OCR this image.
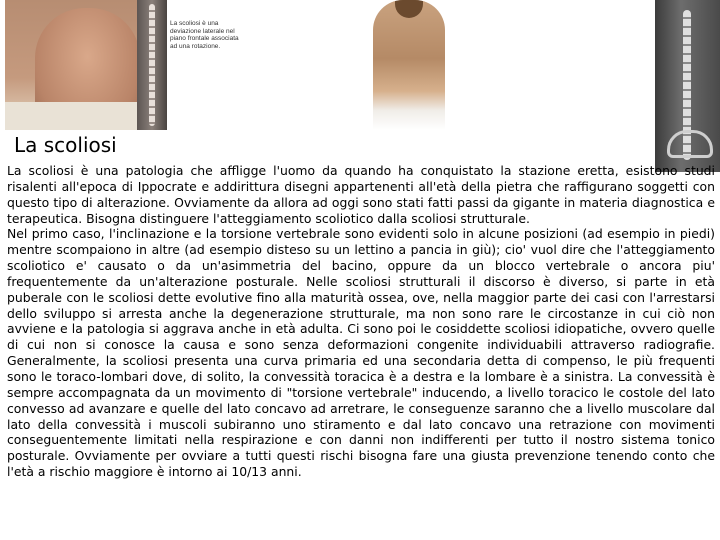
La scoliosi è una deviazione laterale nel piano frontale associata ad una rotazione.
La scoliosi

La scoliosi è una patologia che affligge l'uomo da quando ha conquistato la stazione eretta, esistono studi risalenti all'epoca di Ippocrate e addirittura disegni appartenenti all'età della pietra che raffigurano soggetti con questo tipo di alterazione. Ovviamente da allora ad oggi sono stati fatti passi da gigante in materia diagnostica e terapeutica. Bisogna distinguere l'atteggiamento scoliotico dalla scoliosi strutturale.

Nel primo caso, l'inclinazione e la torsione vertebrale sono evidenti solo in alcune posizioni (ad esempio in piedi) mentre scompaiono in altre (ad esempio disteso su un lettino a pancia in giù); cio' vuol dire che l'atteggiamento scoliotico e' causato o da un'asimmetria del bacino, oppure da un blocco vertebrale o ancora piu' frequentemente da un'alterazione posturale. Nelle scoliosi strutturali il discorso è diverso, si parte in età puberale con le scoliosi dette evolutive fino alla maturità ossea, ove, nella maggior parte dei casi con l'arrestarsi dello sviluppo si arresta anche la degenerazione strutturale, ma non sono rare le circostanze in cui ciò non avviene e la patologia si aggrava anche in età adulta. Ci sono poi le cosiddette scoliosi idiopatiche, ovvero quelle di cui non si conosce la causa e sono senza deformazioni congenite individuabili attraverso radiografie. Generalmente, la scoliosi presenta una curva primaria ed una secondaria detta di compenso, le più frequenti sono le toraco-lombari dove, di solito, la convessità toracica è a destra e la lombare è a sinistra. La convessità è sempre accompagnata da un movimento di "torsione vertebrale" inducendo, a livello toracico le costole del lato convesso ad avanzare e quelle del lato concavo ad arretrare, le conseguenze saranno che a livello muscolare dal lato della convessità i muscoli subiranno uno stiramento e dal lato concavo una retrazione con movimenti conseguentemente limitati nella respirazione e con danni non indifferenti per tutto il nostro sistema tonico posturale. Ovviamente per ovviare a tutti questi rischi bisogna fare una giusta prevenzione tenendo conto che l'età a rischio maggiore è intorno ai 10/13 anni.
